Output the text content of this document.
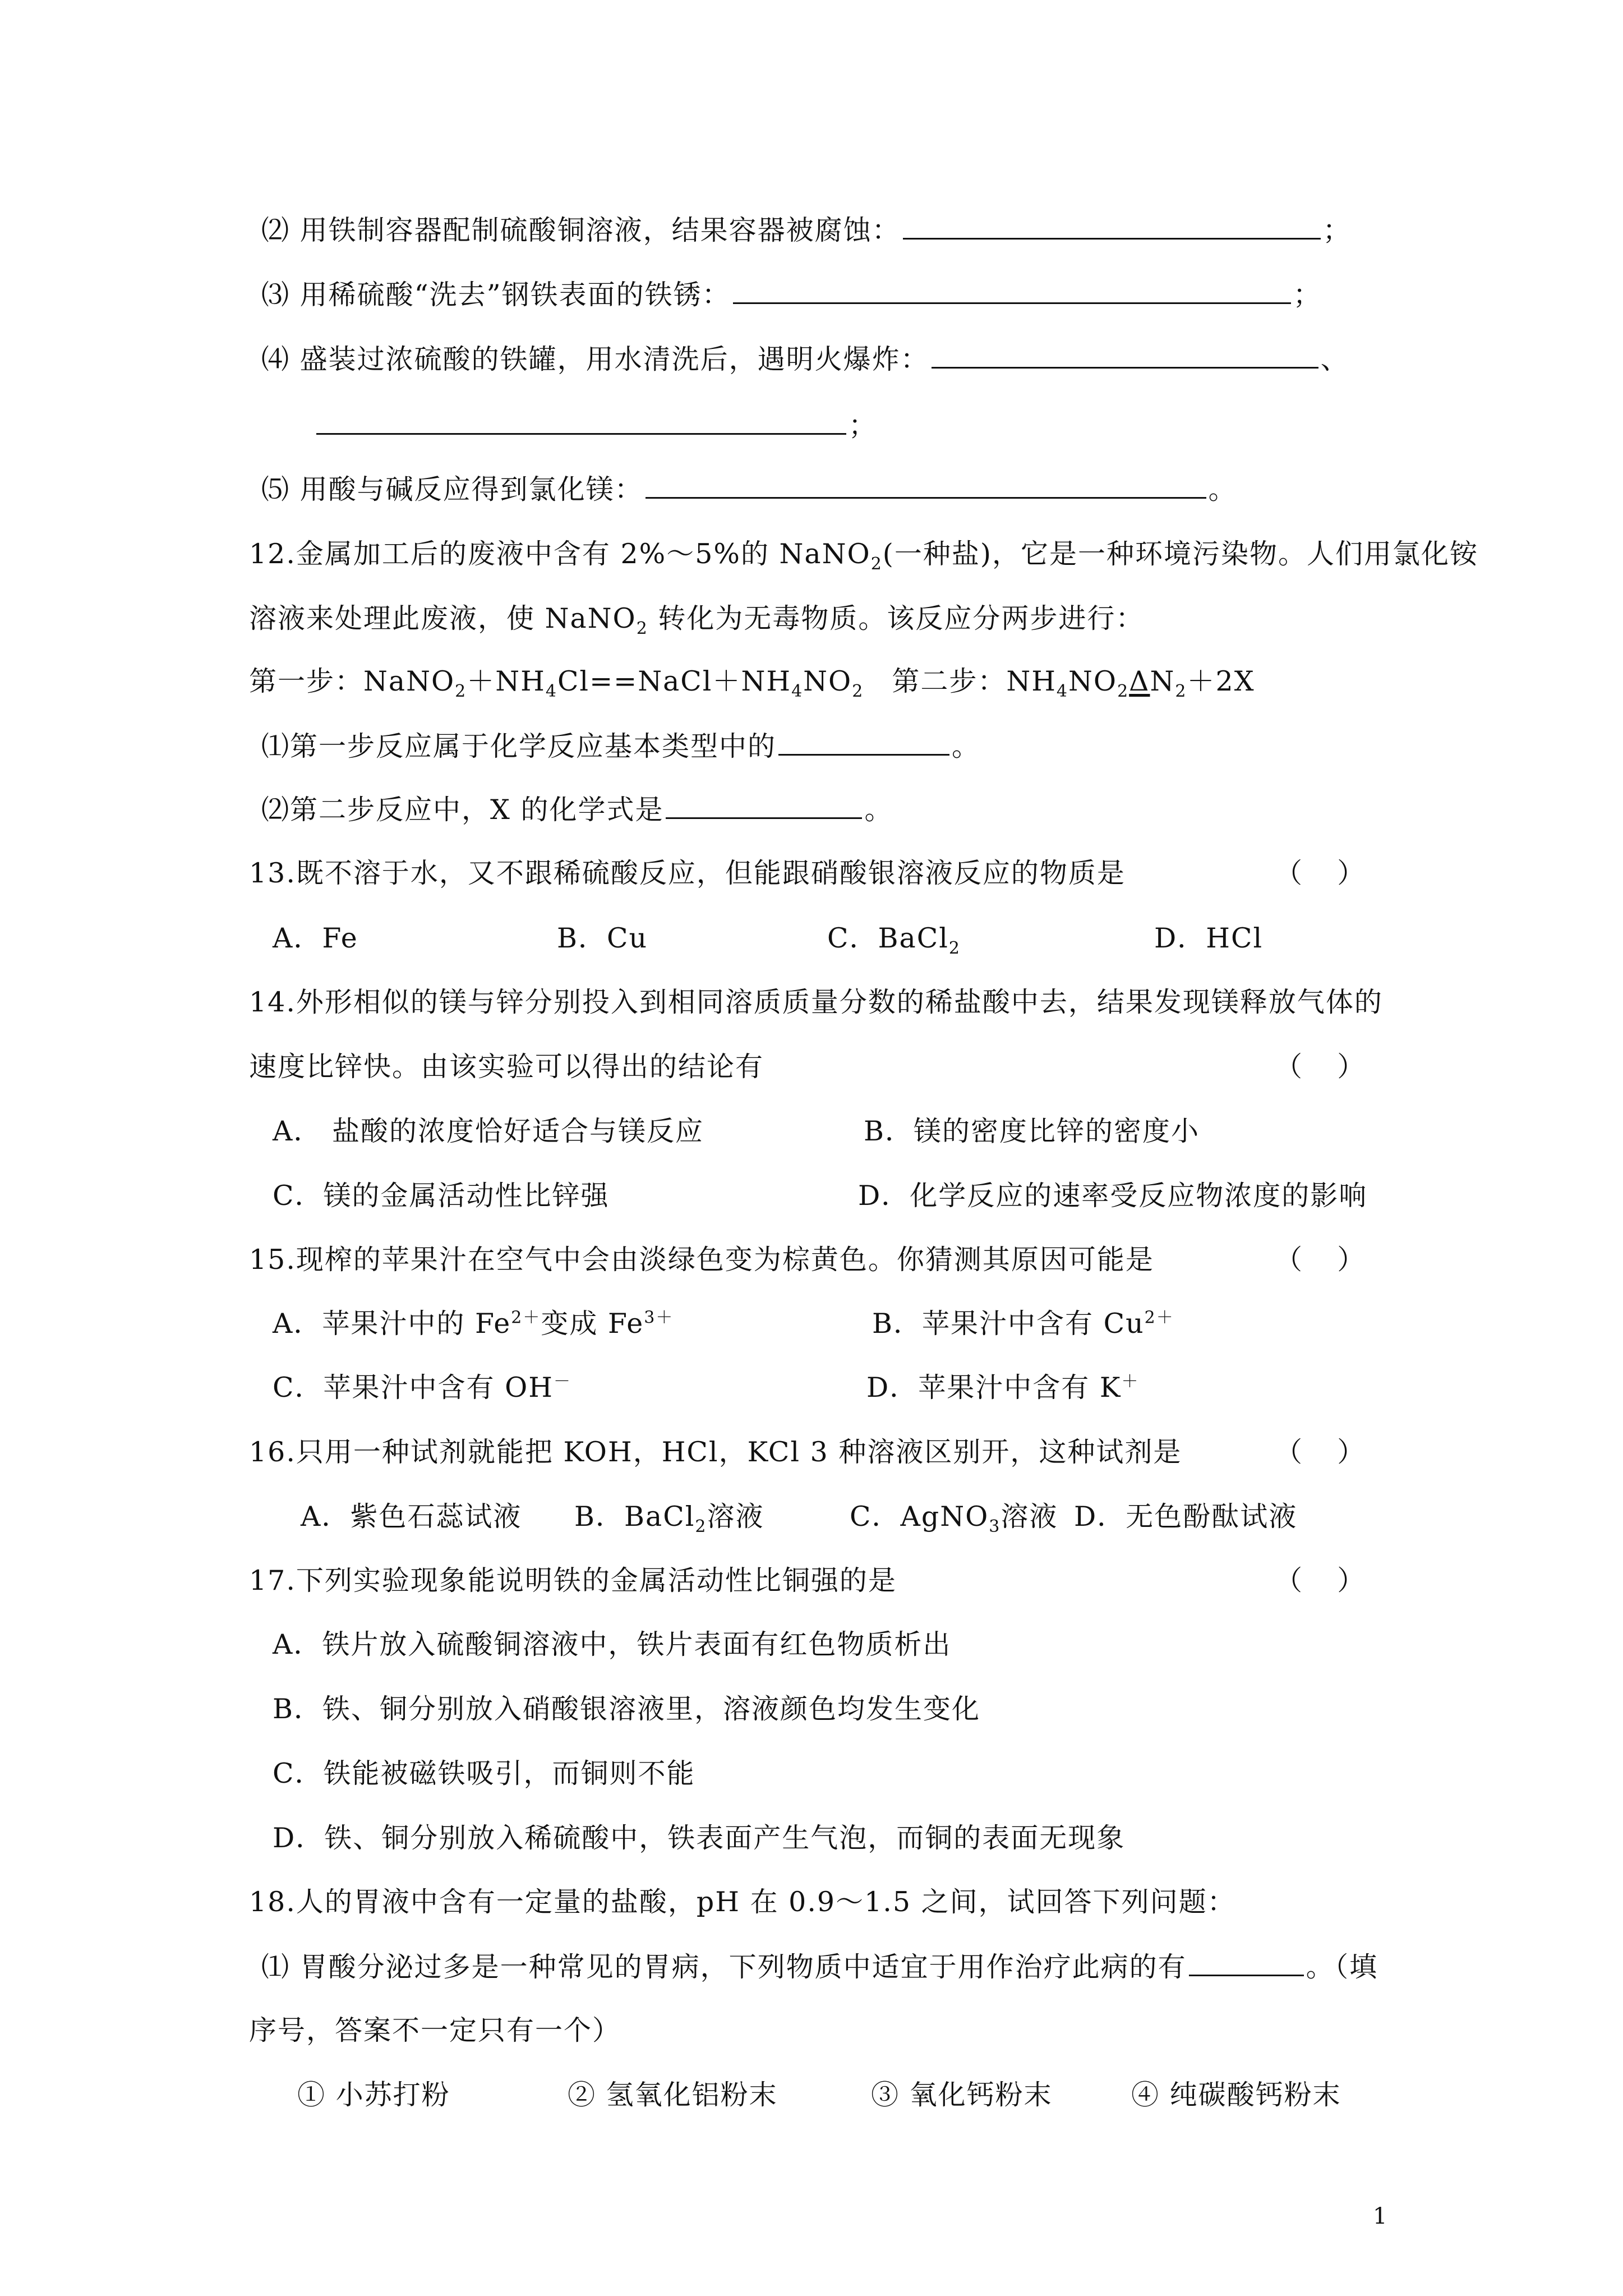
⑵ 用铁制容器配制硫酸铜溶液，结果容器被腐蚀：	；
⑶ 用稀硫酸“洗去”钢铁表面的铁锈：	；
⑷ 盛装过浓硫酸的铁罐，用水清洗后，遇明火爆炸：	、
；
⑸ 用酸与碱反应得到氯化镁：	。
12.金属加工后的废液中含有 2%～5%的 NaNO$_2$(一种盐)，它是一种环境污染物。人们用氯化铵
溶液来处理此废液，使 NaNO$_2$ 转化为无毒物质。该反应分两步进行：
第一步：$NaNO_2+NH_4Cl==NaCl+NH_4NO_2$ 第二步：$NH_4NO_2\Delta N_2+2X$
⑴第一步反应属于化学反应基本类型中的	。
⑵第二步反应中，X 的化学式是	。
13.既不溶于水，又不跟稀硫酸反应，但能跟硝酸银溶液反应的物质是	（    ）
A．Fe	B．Cu	C．BaCl$_2$	D．HCl
14.外形相似的镁与锌分别投入到相同溶质质量分数的稀盐酸中去，结果发现镁释放气体的
速度比锌快。由该实验可以得出的结论有	（    ）
A． 盐酸的浓度恰好适合与镁反应	B．镁的密度比锌的密度小
C．镁的金属活动性比锌强	D．化学反应的速率受反应物浓度的影响
15.现榨的苹果汁在空气中会由淡绿色变为棕黄色。你猜测其原因可能是	（    ）
A．苹果汁中的 $Fe^{2+}$变成 $Fe^{3+}$	B．苹果汁中含有 $Cu^{2+}$
C．苹果汁中含有 OH－	D．苹果汁中含有 K＋
16.只用一种试剂就能把 KOH，HCl，KCl 3 种溶液区别开，这种试剂是	（    ）
A．紫色石蕊试液 B．BaCl$_2$溶液	C．AgNO$_3$溶液 D．无色酚酞试液
17.下列实验现象能说明铁的金属活动性比铜强的是	（    ）
A．铁片放入硫酸铜溶液中，铁片表面有红色物质析出
B．铁、铜分别放入硝酸银溶液里，溶液颜色均发生变化
C．铁能被磁铁吸引，而铜则不能
D．铁、铜分别放入稀硫酸中，铁表面产生气泡，而铜的表面无现象
18.人的胃液中含有一定量的盐酸，pH 在 0.9～1.5 之间，试回答下列问题：
⑴ 胃酸分泌过多是一种常见的胃病，下列物质中适宜于用作治疗此病的有	。（填
序号，答案不一定只有一个）
① 小苏打粉	② 氢氧化铝粉末	③ 氧化钙粉末	④ 纯碳酸钙粉末
1
